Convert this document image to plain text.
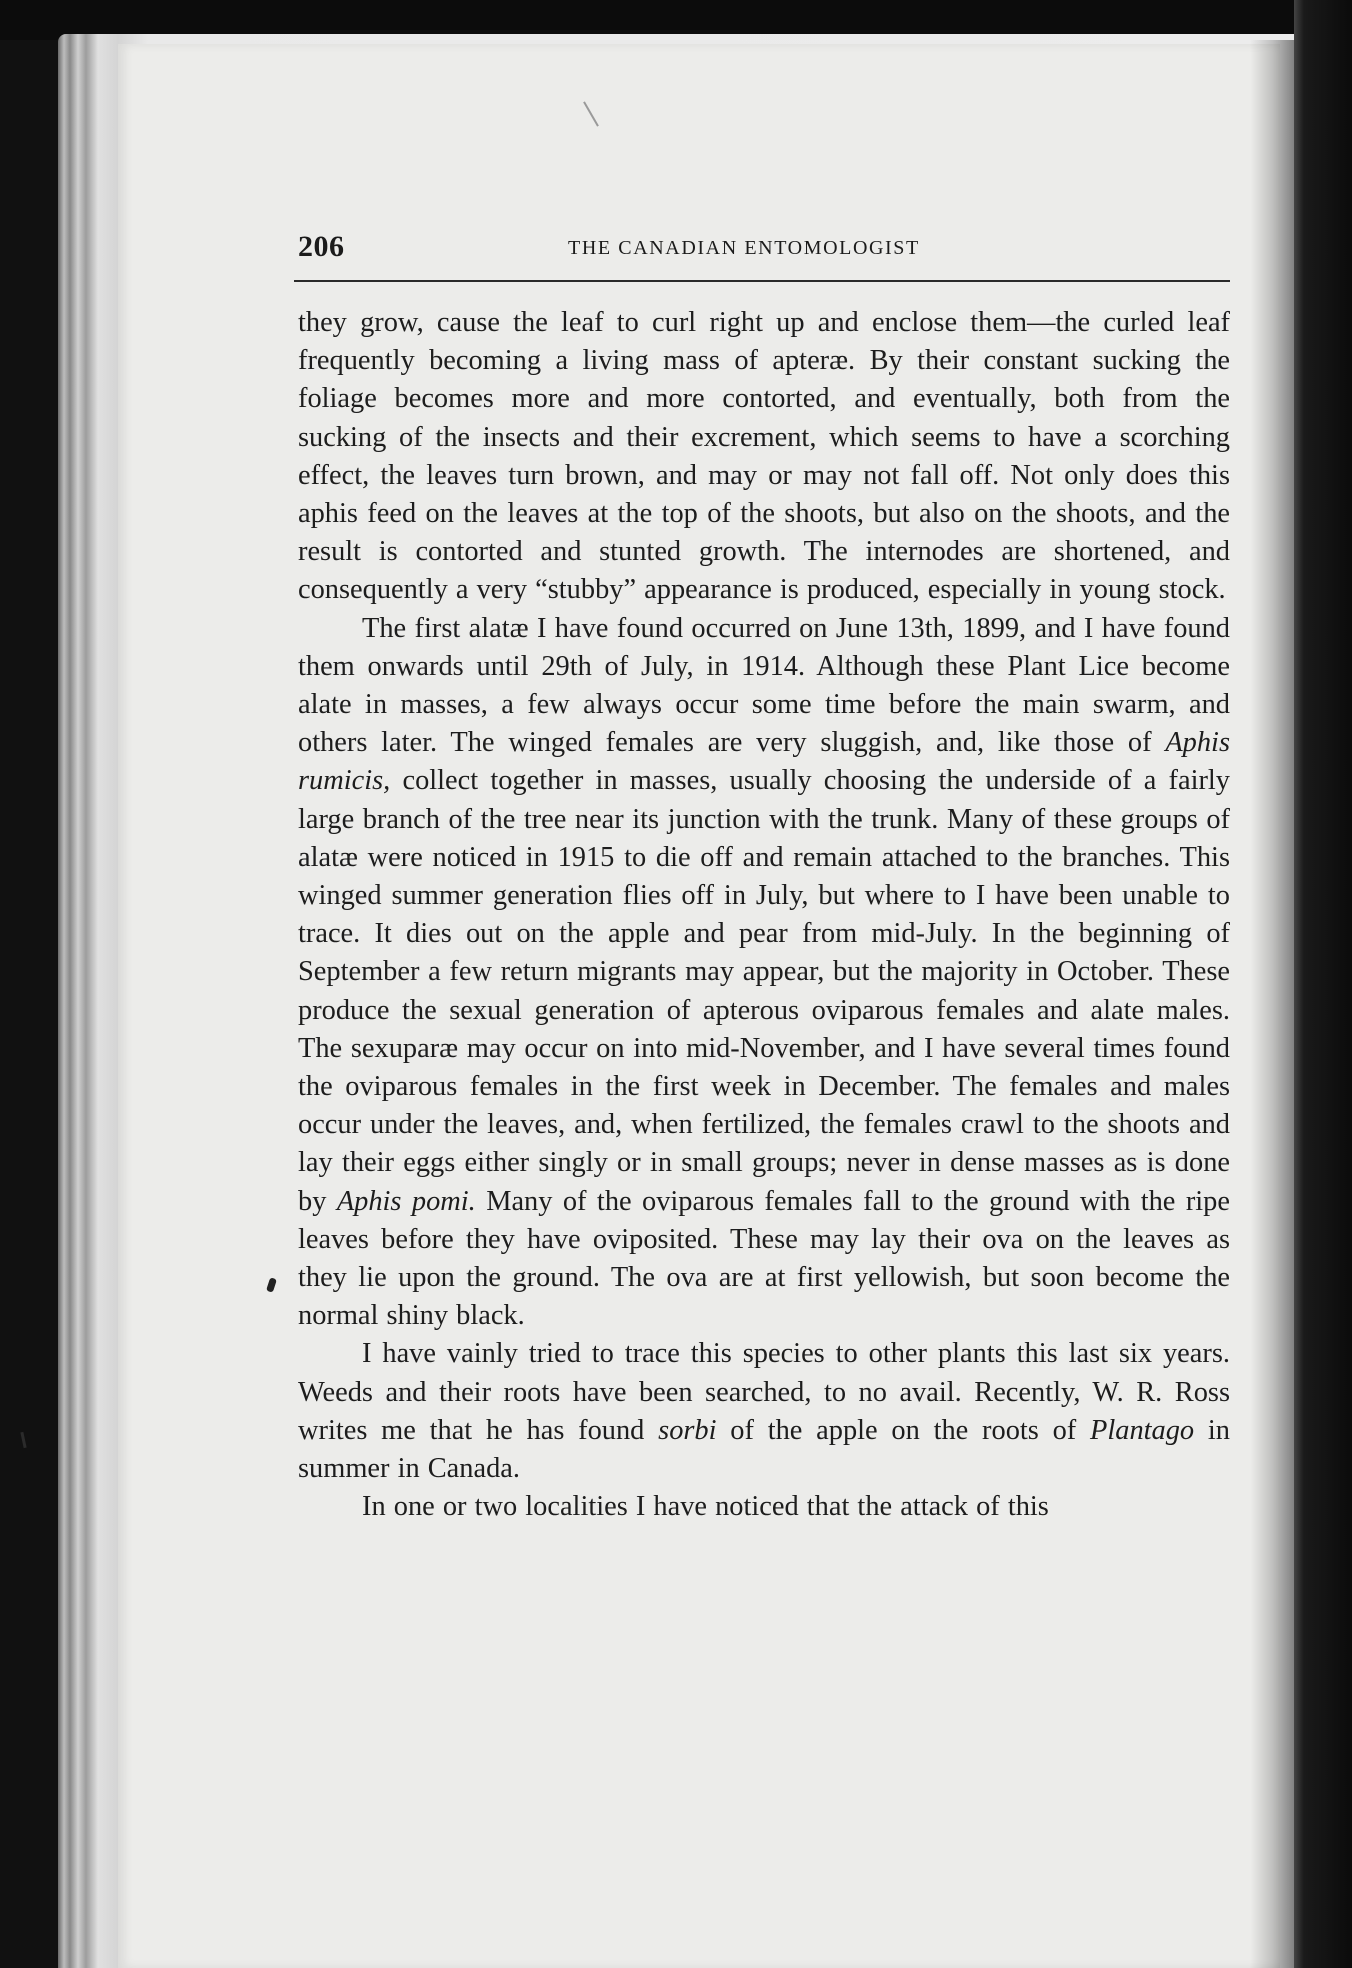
206	THE CANADIAN ENTOMOLOGIST

they grow, cause the leaf to curl right up and enclose them—the curled leaf frequently becoming a living mass of apteræ. By their constant sucking the foliage becomes more and more contorted, and eventually, both from the sucking of the insects and their excrement, which seems to have a scorching effect, the leaves turn brown, and may or may not fall off. Not only does this aphis feed on the leaves at the top of the shoots, but also on the shoots, and the result is contorted and stunted growth. The internodes are shortened, and consequently a very “stubby” appearance is produced, especially in young stock.

The first alatæ I have found occurred on June 13th, 1899, and I have found them onwards until 29th of July, in 1914. Although these Plant Lice become alate in masses, a few always occur some time before the main swarm, and others later. The winged females are very sluggish, and, like those of Aphis rumicis, collect together in masses, usually choosing the underside of a fairly large branch of the tree near its junction with the trunk. Many of these groups of alatæ were noticed in 1915 to die off and remain attached to the branches. This winged summer generation flies off in July, but where to I have been unable to trace. It dies out on the apple and pear from mid-July. In the beginning of September a few return migrants may appear, but the majority in October. These produce the sexual generation of apterous oviparous females and alate males. The sexuparæ may occur on into mid-November, and I have several times found the oviparous females in the first week in December. The females and males occur under the leaves, and, when fertilized, the females crawl to the shoots and lay their eggs either singly or in small groups; never in dense masses as is done by Aphis pomi. Many of the oviparous females fall to the ground with the ripe leaves before they have oviposited. These may lay their ova on the leaves as they lie upon the ground. The ova are at first yellowish, but soon become the normal shiny black.

I have vainly tried to trace this species to other plants this last six years. Weeds and their roots have been searched, to no avail. Recently, W. R. Ross writes me that he has found sorbi of the apple on the roots of Plantago in summer in Canada.

In one or two localities I have noticed that the attack of this
